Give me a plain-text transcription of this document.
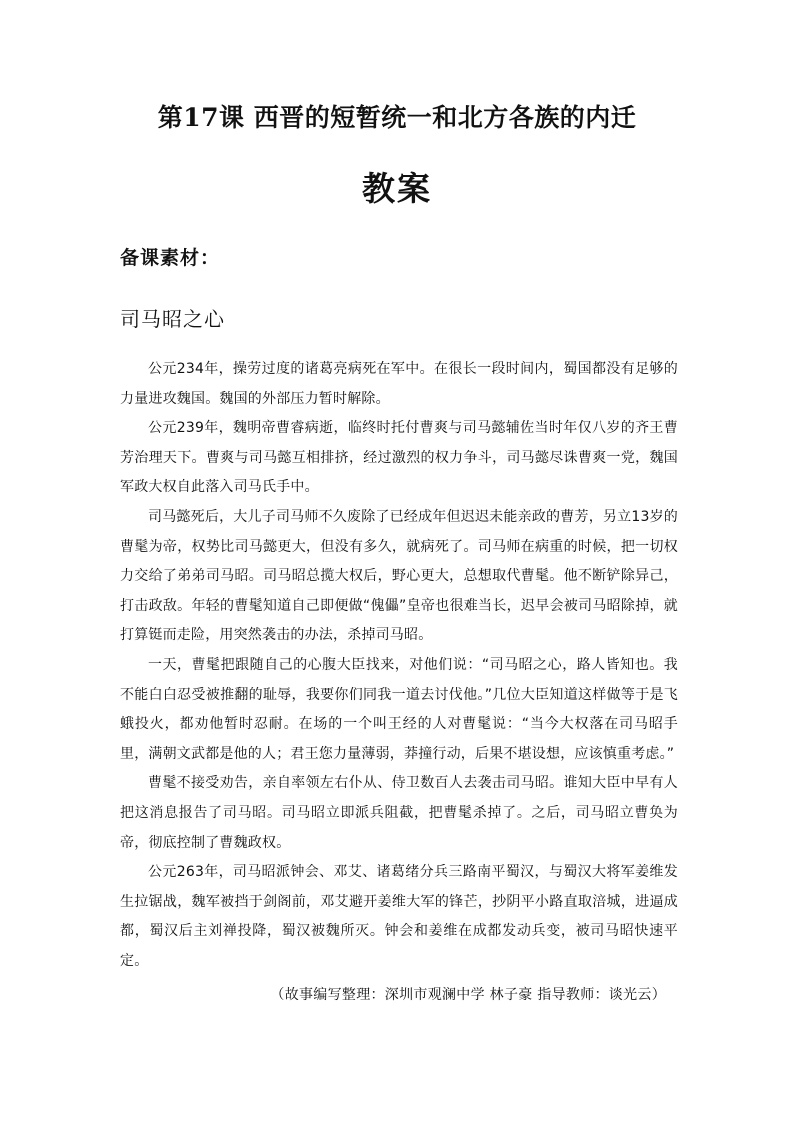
第17课 西晋的短暂统一和北方各族的内迁
教案
备课素材：
司马昭之心

公元234年，操劳过度的诸葛亮病死在军中。在很长一段时间内，蜀国都没有足够的力量进攻魏国。魏国的外部压力暂时解除。

公元239年，魏明帝曹睿病逝，临终时托付曹爽与司马懿辅佐当时年仅八岁的齐王曹芳治理天下。曹爽与司马懿互相排挤，经过激烈的权力争斗，司马懿尽诛曹爽一党，魏国军政大权自此落入司马氏手中。

司马懿死后，大儿子司马师不久废除了已经成年但迟迟未能亲政的曹芳，另立13岁的曹髦为帝，权势比司马懿更大，但没有多久，就病死了。司马师在病重的时候，把一切权力交给了弟弟司马昭。司马昭总揽大权后，野心更大，总想取代曹髦。他不断铲除异己，打击政敌。年轻的曹髦知道自己即便做“傀儡”皇帝也很难当长，迟早会被司马昭除掉，就打算铤而走险，用突然袭击的办法，杀掉司马昭。

一天，曹髦把跟随自己的心腹大臣找来，对他们说：“司马昭之心，路人皆知也。我不能白白忍受被推翻的耻辱，我要你们同我一道去讨伐他。”几位大臣知道这样做等于是飞蛾投火，都劝他暂时忍耐。在场的一个叫王经的人对曹髦说：“当今大权落在司马昭手里，满朝文武都是他的人；君王您力量薄弱，莽撞行动，后果不堪设想，应该慎重考虑。”

曹髦不接受劝告，亲自率领左右仆从、侍卫数百人去袭击司马昭。谁知大臣中早有人把这消息报告了司马昭。司马昭立即派兵阻截，把曹髦杀掉了。之后，司马昭立曹奂为帝，彻底控制了曹魏政权。

公元263年，司马昭派钟会、邓艾、诸葛绪分兵三路南平蜀汉，与蜀汉大将军姜维发生拉锯战，魏军被挡于剑阁前，邓艾避开姜维大军的锋芒，抄阴平小路直取涪城，进逼成都，蜀汉后主刘禅投降，蜀汉被魏所灭。钟会和姜维在成都发动兵变，被司马昭快速平定。

（故事编写整理：深圳市观澜中学 林子豪 指导教师：谈光云）
